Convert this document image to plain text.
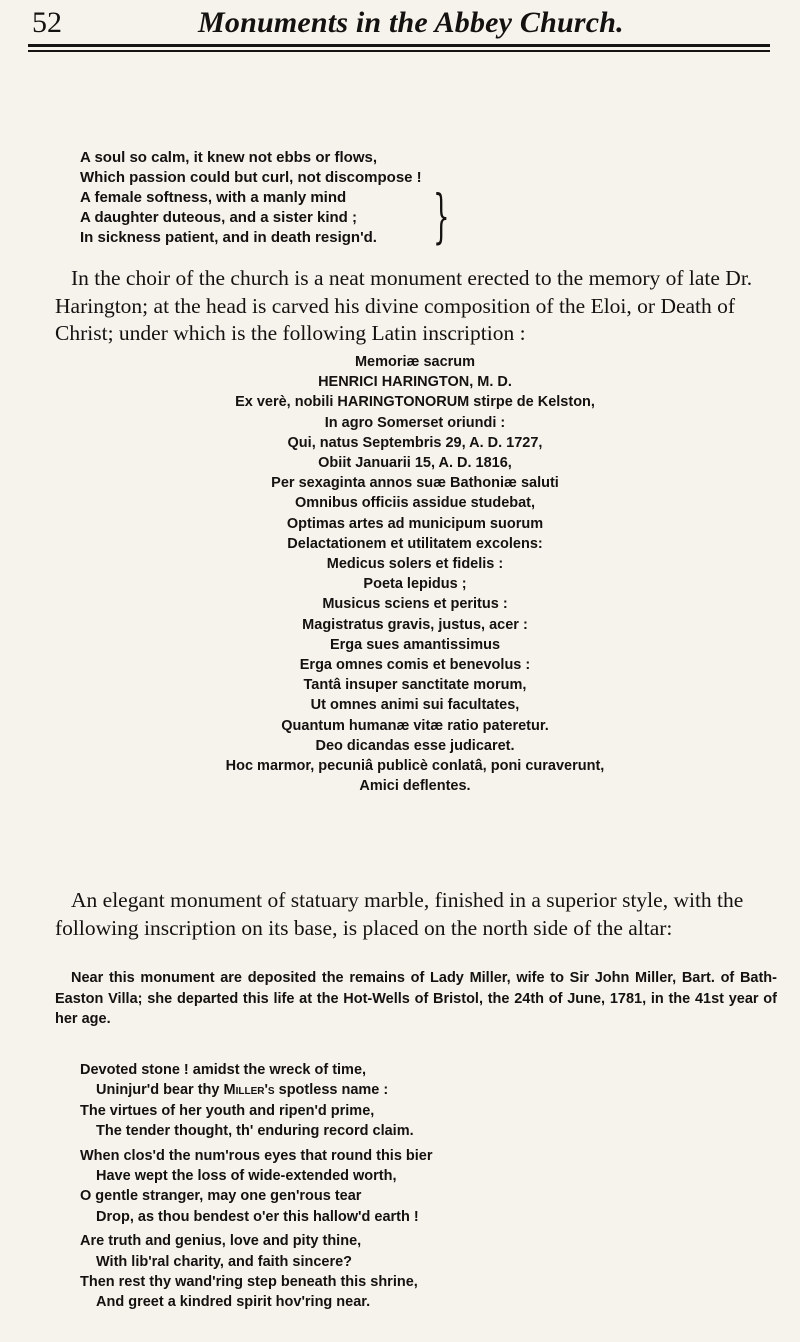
52	Monuments in the Abbey Church.
A soul so calm, it knew not ebbs or flows,
Which passion could but curl, not discompose !
A female softness, with a manly mind
A daughter duteous, and a sister kind ;
In sickness patient, and in death resign'd. }

In the choir of the church is a neat monument erected to the memory of late Dr. Harington; at the head is carved his divine composition of the Eloi, or Death of Christ; under which is the following Latin inscription :

Memoriæ sacrum
HENRICI HARINGTON, M. D.
Ex verè, nobili HARINGTONORUM stirpe de Kelston,
In agro Somerset oriundi :
Qui, natus Septembris 29, A. D. 1727,
Obiit Januarii 15, A. D. 1816,
Per sexaginta annos suæ Bathoniæ saluti
Omnibus officiis assidue studebat,
Optimas artes ad municipum suorum
Delactationem et utilitatem excolens:
Medicus solers et fidelis :
Poeta lepidus ;
Musicus sciens et peritus :
Magistratus gravis, justus, acer :
Erga sues amantissimus
Erga omnes comis et benevolus :
Tantâ insuper sanctitate morum,
Ut omnes animi sui facultates,
Quantum humanæ vitæ ratio pateretur.
Deo dicandas esse judicaret.
Hoc marmor, pecuniâ publicè conlatâ, poni curaverunt,
Amici deflentes.

An elegant monument of statuary marble, finished in a superior style, with the following inscription on its base, is placed on the north side of the altar:

Near this monument are deposited the remains of Lady Miller, wife to Sir John Miller, Bart. of Bath-Easton Villa; she departed this life at the Hot-Wells of Bristol, the 24th of June, 1781, in the 41st year of her age.

Devoted stone ! amidst the wreck of time,
Uninjur'd bear thy Miller's spotless name :
The virtues of her youth and ripen'd prime,
The tender thought, th' enduring record claim.
When clos'd the num'rous eyes that round this bier
Have wept the loss of wide-extended worth,
O gentle stranger, may one gen'rous tear
Drop, as thou bendest o'er this hallow'd earth !
Are truth and genius, love and pity thine,
With lib'ral charity, and faith sincere?
Then rest thy wand'ring step beneath this shrine,
And greet a kindred spirit hov'ring near.
